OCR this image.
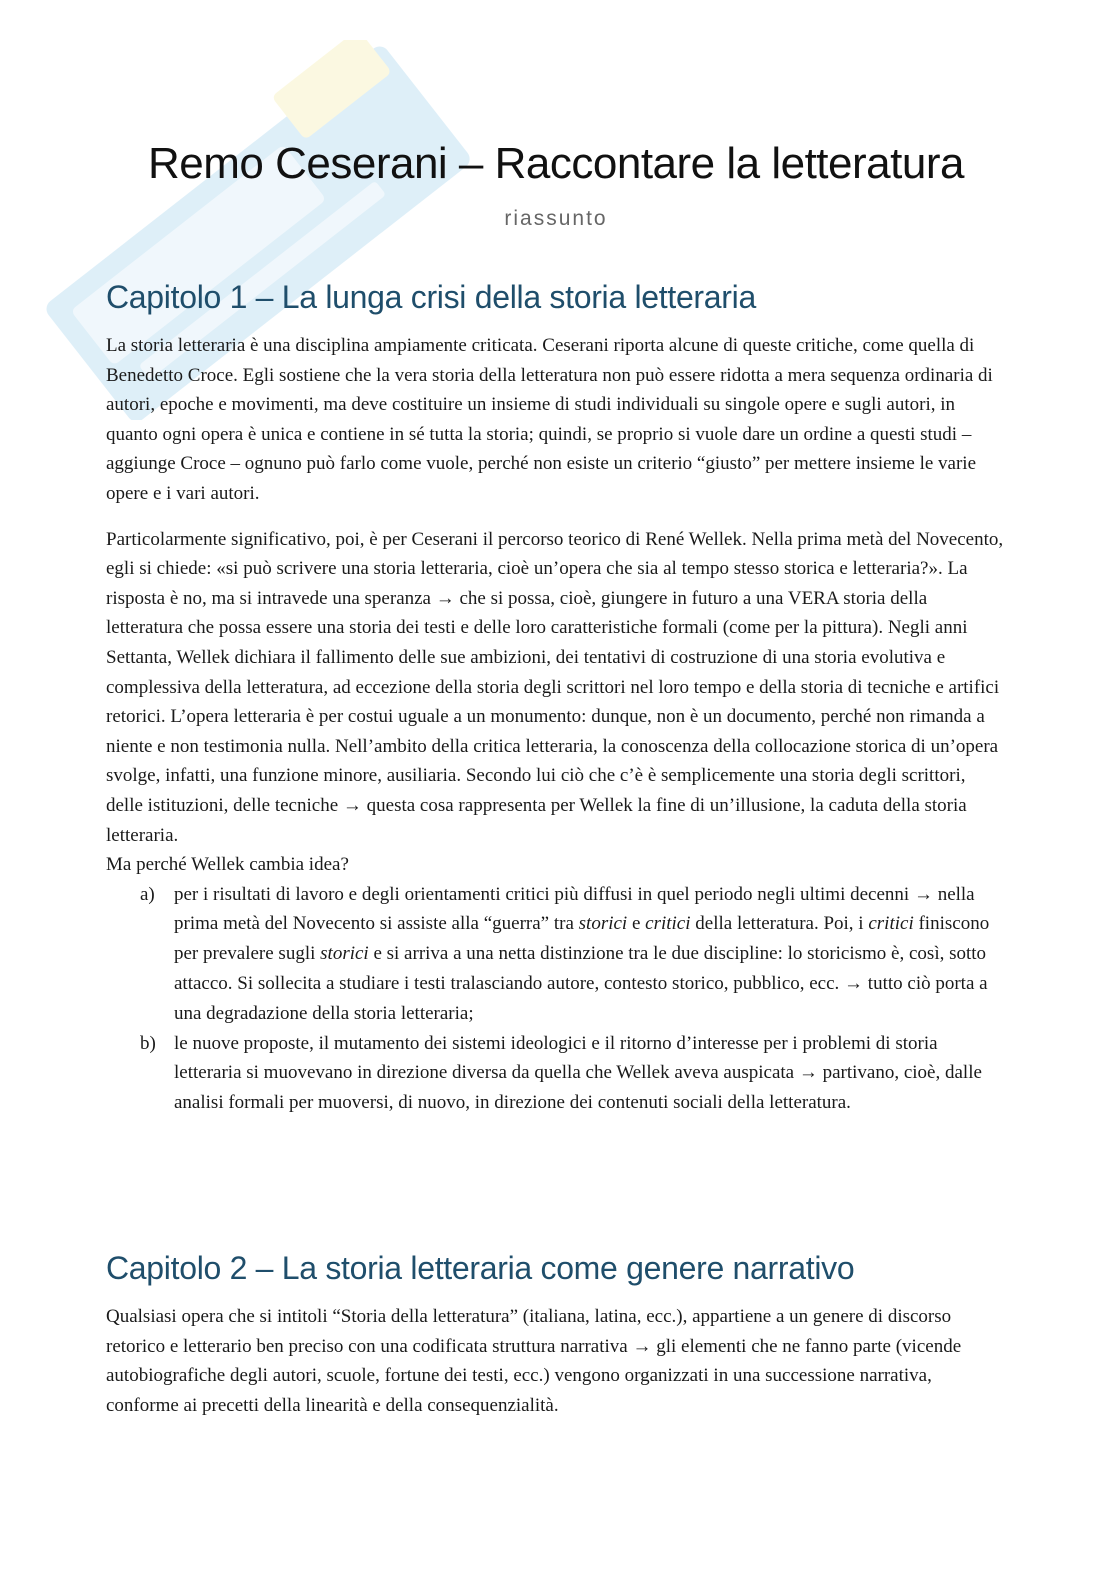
Remo Ceserani – Raccontare la letteratura

riassunto

Capitolo 1 – La lunga crisi della storia letteraria

La storia letteraria è una disciplina ampiamente criticata. Ceserani riporta alcune di queste critiche, come quella di Benedetto Croce. Egli sostiene che la vera storia della letteratura non può essere ridotta a mera sequenza ordinaria di autori, epoche e movimenti, ma deve costituire un insieme di studi individuali su singole opere e sugli autori, in quanto ogni opera è unica e contiene in sé tutta la storia; quindi, se proprio si vuole dare un ordine a questi studi – aggiunge Croce – ognuno può farlo come vuole, perché non esiste un criterio “giusto” per mettere insieme le varie opere e i vari autori.

Particolarmente significativo, poi, è per Ceserani il percorso teorico di René Wellek. Nella prima metà del Novecento, egli si chiede: «si può scrivere una storia letteraria, cioè un’opera che sia al tempo stesso storica e letteraria?». La risposta è no, ma si intravede una speranza → che si possa, cioè, giungere in futuro a una VERA storia della letteratura che possa essere una storia dei testi e delle loro caratteristiche formali (come per la pittura). Negli anni Settanta, Wellek dichiara il fallimento delle sue ambizioni, dei tentativi di costruzione di una storia evolutiva e complessiva della letteratura, ad eccezione della storia degli scrittori nel loro tempo e della storia di tecniche e artifici retorici. L’opera letteraria è per costui uguale a un monumento: dunque, non è un documento, perché non rimanda a niente e non testimonia nulla. Nell’ambito della critica letteraria, la conoscenza della collocazione storica di un’opera svolge, infatti, una funzione minore, ausiliaria. Secondo lui ciò che c’è è semplicemente una storia degli scrittori, delle istituzioni, delle tecniche → questa cosa rappresenta per Wellek la fine di un’illusione, la caduta della storia letteraria.

Ma perché Wellek cambia idea?

a) per i risultati di lavoro e degli orientamenti critici più diffusi in quel periodo negli ultimi decenni → nella prima metà del Novecento si assiste alla “guerra” tra storici e critici della letteratura. Poi, i critici finiscono per prevalere sugli storici e si arriva a una netta distinzione tra le due discipline: lo storicismo è, così, sotto attacco. Si sollecita a studiare i testi tralasciando autore, contesto storico, pubblico, ecc. → tutto ciò porta a una degradazione della storia letteraria;
b) le nuove proposte, il mutamento dei sistemi ideologici e il ritorno d’interesse per i problemi di storia letteraria si muovevano in direzione diversa da quella che Wellek aveva auspicata → partivano, cioè, dalle analisi formali per muoversi, di nuovo, in direzione dei contenuti sociali della letteratura.
Capitolo 2 – La storia letteraria come genere narrativo

Qualsiasi opera che si intitoli “Storia della letteratura” (italiana, latina, ecc.), appartiene a un genere di discorso retorico e letterario ben preciso con una codificata struttura narrativa → gli elementi che ne fanno parte (vicende autobiografiche degli autori, scuole, fortune dei testi, ecc.) vengono organizzati in una successione narrativa, conforme ai precetti della linearità e della consequenzialità.
